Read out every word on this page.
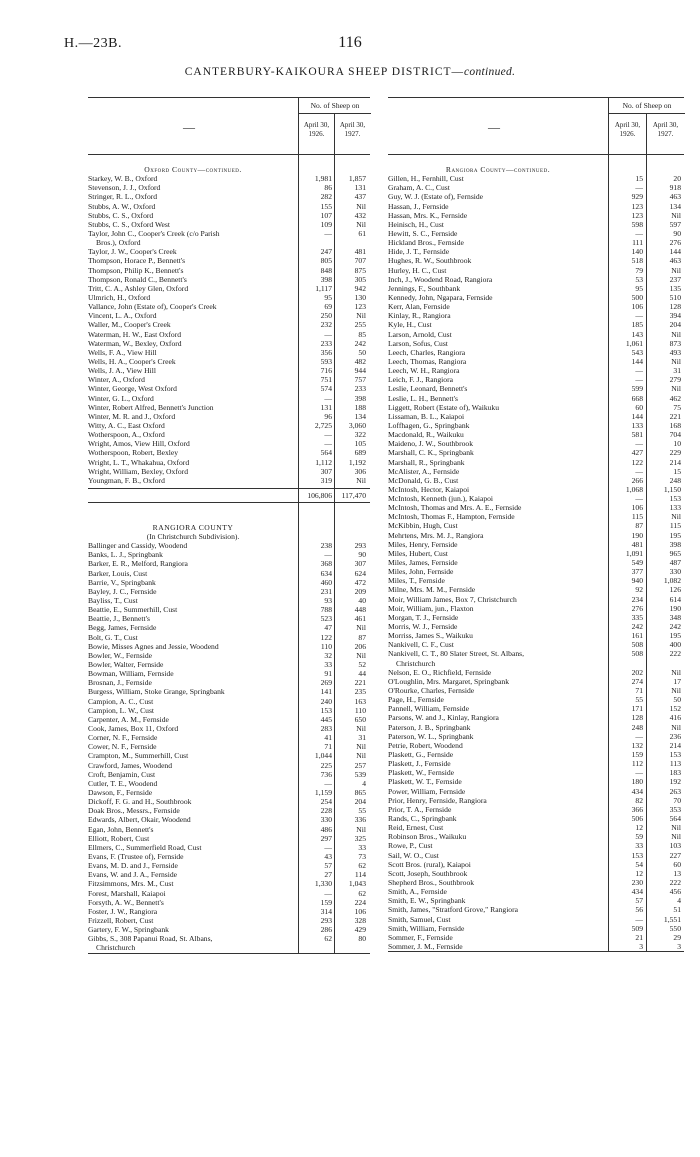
H.—23B.	116
CANTERBURY-KAIKOURA SHEEP DISTRICT—continued.
—
No. of Sheep on
April 30,
1926.
April 30,
1927.
Oxford County—continued.
Starkey, W. B., Oxford	1,981	1,857
Stevenson, J. J., Oxford	86	131
Stringer, R. L., Oxford	282	437
Stubbs, A. W., Oxford	155	Nil
Stubbs, C. S., Oxford	107	432
Stubbs, C. S., Oxford West	109	Nil
Taylor, John C., Cooper's Creek (c/o Parish	—	61
Bros.), Oxford
Taylor, J. W., Cooper's Creek	247	481
Thompson, Horace P., Bennett's	805	707
Thompson, Philip K., Bennett's	848	875
Thompson, Ronald C., Bennett's	398	305
Tritt, C. A., Ashley Glen, Oxford	1,117	942
Ulmrich, H., Oxford	95	130
Vallance, John (Estate of), Cooper's Creek	69	123
Vincent, L. A., Oxford	250	Nil
Waller, M., Cooper's Creek	232	255
Waterman, H. W., East Oxford	—	85
Waterman, W., Bexley, Oxford	233	242
Wells, F. A., View Hill	356	50
Wells, H. A., Cooper's Creek	593	482
Wells, J. A., View Hill	716	944
Winter, A., Oxford	751	757
Winter, George, West Oxford	574	233
Winter, G. L., Oxford	—	398
Winter, Robert Alfred, Bennett's Junction	131	188
Winter, M. R. and J., Oxford	96	134
Witty, A. C., East Oxford	2,725	3,060
Wotherspoon, A., Oxford	—	322
Wright, Amos, View Hill, Oxford	—	105
Wotherspoon, Robert, Bexley	564	689
Wright, L. T., Whakahua, Oxford	1,112	1,192
Wright, William, Bexley, Oxford	307	306
Youngman, F. B., Oxford	319	Nil
106,806	117,470
RANGIORA COUNTY
(In Christchurch Subdivision).
Ballinger and Cassidy, Woodend	238	293
Banks, L. J., Springbank	—	90
Barker, E. R., Melford, Rangiora	368	307
Barker, Louis, Cust	634	624
Barrie, V., Springbank	460	472
Bayley, J. C., Fernside	231	209
Bayliss, T., Cust	93	40
Beattie, E., Summerhill, Cust	788	448
Beattie, J., Bennett's	523	461
Begg, James, Fernside	47	Nil
Bolt, G. T., Cust	122	87
Bowie, Misses Agnes and Jessie, Woodend	110	206
Bowler, W., Fernside	32	Nil
Bowler, Walter, Fernside	33	52
Bowman, William, Fernside	91	44
Brosnan, J., Fernside	269	221
Burgess, William, Stoke Grange, Springbank	141	235
Campion, A. C., Cust	240	163
Campion, L. W., Cust	153	110
Carpenter, A. M., Fernside	445	650
Cook, James, Box 11, Oxford	283	Nil
Corner, N. F., Fernside	41	31
Cower, N. F., Fernside	71	Nil
Crampton, M., Summerhill, Cust	1,044	Nil
Crawford, James, Woodend	225	257
Croft, Benjamin, Cust	736	539
Cutler, T. E., Woodend	—	4
Dawson, F., Fernside	1,159	865
Dickoff, F. G. and H., Southbrook	254	204
Doak Bros., Messrs., Fernside	228	55
Edwards, Albert, Okair, Woodend	330	336
Egan, John, Bennett's	486	Nil
Elliott, Robert, Cust	297	325
Ellmers, C., Summerfield Road, Cust	—	33
Evans, F. (Trustee of), Fernside	43	73
Evans, M. D. and J., Fernside	57	62
Evans, W. and J. A., Fernside	27	114
Fitzsimmons, Mrs. M., Cust	1,330	1,043
Forest, Marshall, Kaiapoi	—	62
Forsyth, A. W., Bennett's	159	224
Foster, J. W., Rangiora	314	106
Frizzell, Robert, Cust	293	328
Gartery, F. W., Springbank	286	429
Gibbs, S., 308 Papanui Road, St. Albans,	62	80
Christchurch
—
No. of Sheep on
April 30,
1926.
April 30,
1927.
Rangiora County—continued.
Gillen, H., Fernhill, Cust	15	20
Graham, A. C., Cust	—	918
Guy, W. J. (Estate of), Fernside	929	463
Hassan, J., Fernside	123	134
Hassan, Mrs. K., Fernside	123	Nil
Heinisch, H., Cust	598	597
Hewitt, S. C., Fernside	—	90
Hickland Bros., Fernside	111	276
Hide, J. T., Fernside	140	144
Hughes, R. W., Southbrook	518	463
Hurley, H. C., Cust	79	Nil
Inch, J., Woodend Road, Rangiora	53	237
Jennings, F., Southbank	95	135
Kennedy, John, Ngapara, Fernside	500	510
Kerr, Alan, Fernside	106	128
Kinlay, R., Rangiora	—	394
Kyle, H., Cust	185	204
Larson, Arnold, Cust	143	Nil
Larson, Sofus, Cust	1,061	873
Leech, Charles, Rangiora	543	493
Leech, Thomas, Rangiora	144	Nil
Leech, W. H., Rangiora	—	31
Leich, F. J., Rangiora	—	279
Leslie, Leonard, Bennett's	599	Nil
Leslie, L. H., Bennett's	668	462
Liggett, Robert (Estate of), Waikuku	60	75
Lissaman, B. L., Kaiapoi	144	221
Loffhagen, G., Springbank	133	168
Macdonald, R., Waikuku	581	704
Maideno, J. W., Southbrook	—	10
Marshall, C. K., Springbank	427	229
Marshall, R., Springbank	122	214
McAlister, A., Fernside	—	15
McDonald, G. B., Cust	266	248
McIntosh, Hector, Kaiapoi	1,068	1,150
McIntosh, Kenneth (jun.), Kaiapoi	—	153
McIntosh, Thomas and Mrs. A. E., Fernside	106	133
McIntosh, Thomas F., Hampton, Fernside	115	Nil
McKibbin, Hugh, Cust	87	115
Mehrtens, Mrs. M. J., Rangiora	190	195
Miles, Henry, Fernside	481	398
Miles, Hubert, Cust	1,091	965
Miles, James, Fernside	549	487
Miles, John, Fernside	377	330
Miles, T., Fernside	940	1,082
Milne, Mrs. M. M., Fernside	92	126
Moir, William James, Box 7, Christchurch	234	614
Moir, William, jun., Flaxton	276	190
Morgan, T. J., Fernside	335	348
Morris, W. J., Fernside	242	242
Morriss, James S., Waikuku	161	195
Nankivell, C. F., Cust	508	400
Nankivell, C. T., 80 Slater Street, St. Albans,	508	222
Christchurch
Nelson, E. O., Richfield, Fernside	202	Nil
O'Loughlin, Mrs. Margaret, Springbank	274	17
O'Rourke, Charles, Fernside	71	Nil
Page, H., Fernside	55	50
Pannell, William, Fernside	171	152
Parsons, W. and J., Kinlay, Rangiora	128	416
Paterson, J. B., Springbank	248	Nil
Paterson, W. L., Springbank	—	236
Petrie, Robert, Woodend	132	214
Plaskett, G., Fernside	159	153
Plaskett, J., Fernside	112	113
Plaskett, W., Fernside	—	183
Plaskett, W. T., Fernside	180	192
Power, William, Fernside	434	263
Prior, Henry, Fernside, Rangiora	82	70
Prior, T. A., Fernside	366	353
Rands, C., Springbank	506	564
Reid, Ernest, Cust	12	Nil
Robinson Bros., Waikuku	59	Nil
Rowe, P., Cust	33	103
Sail, W. O., Cust	153	227
Scott Bros. (rural), Kaiapoi	54	60
Scott, Joseph, Southbrook	12	13
Shepherd Bros., Southbrook	230	222
Smith, A., Fernside	434	456
Smith, E. W., Springbank	57	4
Smith, James, "Stratford Grove," Rangiora	56	51
Smith, Samuel, Cust	—	1,551
Smith, William, Fernside	509	550
Sommer, F., Fernside	21	29
Sommer, J. M., Fernside	3	3
